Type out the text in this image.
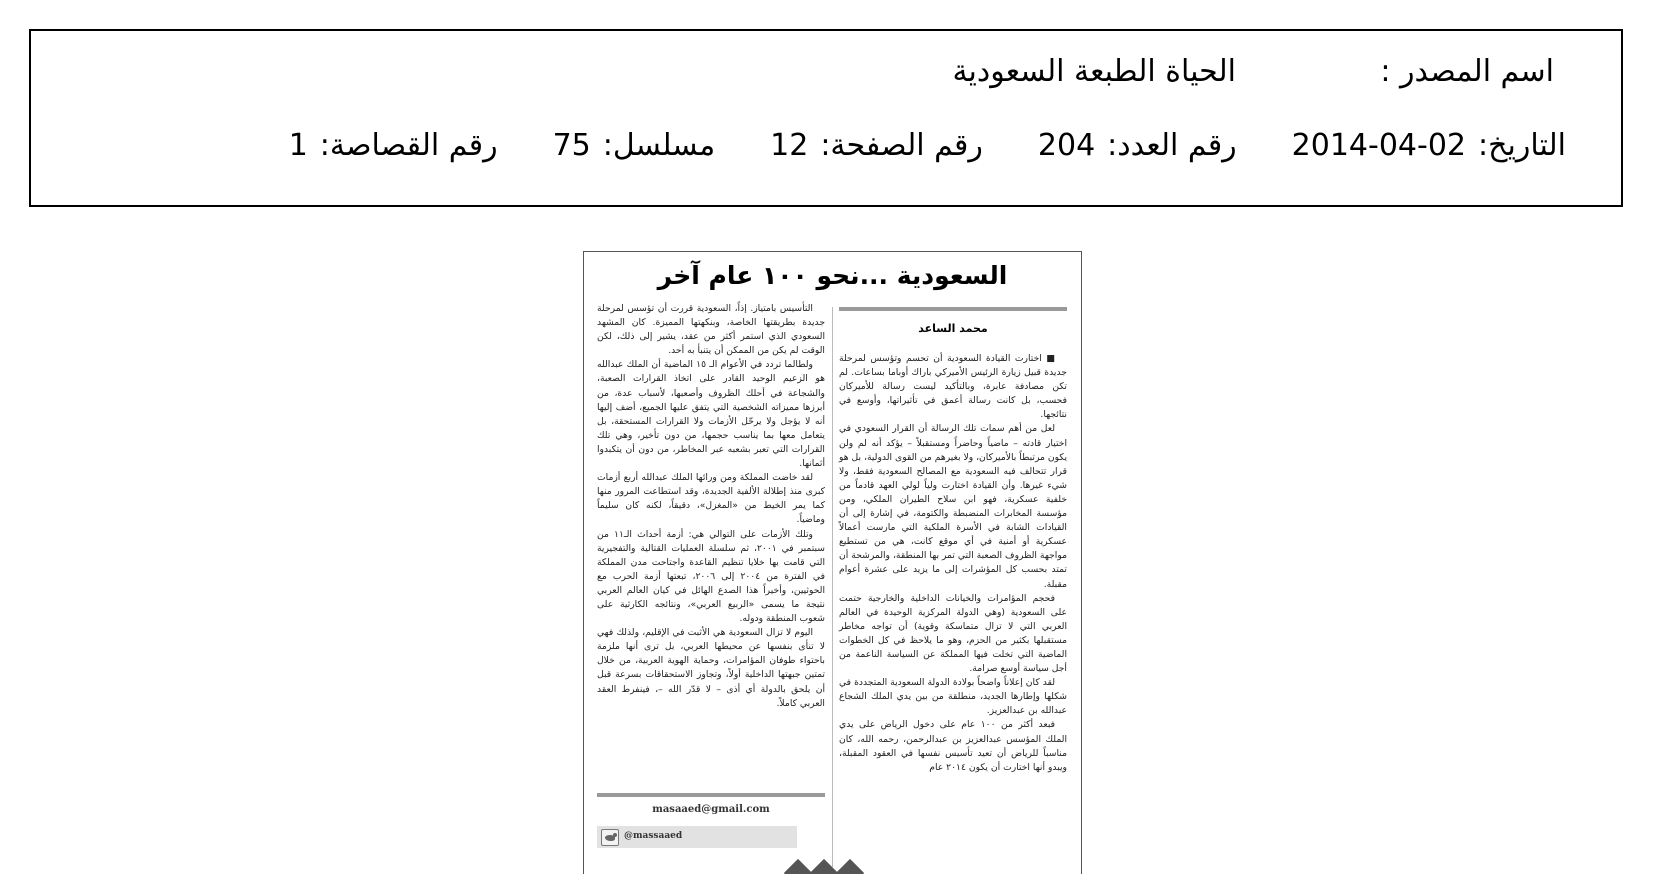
اسم المصدر :
الحياة الطبعة السعودية
التاريخ:
2014-04-02
رقم العدد:
204
رقم الصفحة:
12
مسلسل:
75
رقم القصاصة:
1
السعودية ...نحو ١٠٠ عام آخر
محمد الساعد

■ اختارت القيادة السعودية أن تحسم وتؤسس لمرحلة جديدة قبيل زيارة الرئيس الأميركي باراك أوباما بساعات. لم تكن مصادفة عابرة، وبالتأكيد ليست رسالة للأميركان فحسب، بل كانت رسالة أعمق في تأثيراتها، وأوسع في نتائجها.

لعل من أهم سمات تلك الرسالة أن القرار السعودي في اختيار قادته – ماضياً وحاضراً ومستقبلاً – يؤكد أنه لم ولن يكون مرتبطاً بالأميركان، ولا بغيرهم من القوى الدولية، بل هو قرار تتحالف فيه السعودية مع المصالح السعودية فقط، ولا شيء غيرها. وأن القيادة اختارت ولياً لولي العهد قادماً من خلفية عسكرية، فهو ابن سلاح الطيران الملكي، ومن مؤسسة المخابرات المنضبطة والكتومة، في إشارة إلى أن القيادات الشابة في الأسرة الملكية التي مارست أعمالاً عسكرية أو أمنية في أي موقع كانت، هي من تستطيع مواجهة الظروف الصعبة التي تمر بها المنطقة، والمرشحة أن تمتد بحسب كل المؤشرات إلى ما يزيد على عشرة أعوام مقبلة.

فحجم المؤامرات والخيانات الداخلية والخارجية حتمت على السعودية (وهي الدولة المركزية الوحيدة في العالم العربي التي لا تزال متماسكة وقوية) أن تواجه مخاطر مستقبلها بكثير من الحزم، وهو ما يلاحظ في كل الخطوات الماضية التي تخلت فيها المملكة عن السياسة الناعمة من أجل سياسة أوسع صرامة.

لقد كان إعلاناً واضحاً بولادة الدولة السعودية المتجددة في شكلها وإطارها الجديد، منطلقة من بين يدي الملك الشجاع عبدالله بن عبدالعزيز.

فبعد أكثر من ١٠٠ عام على دخول الرياض على يدي الملك المؤسس عبدالعزيز بن عبدالرحمن، رحمه الله، كان مناسباً للرياض أن تعيد تأسيس نفسها في العقود المقبلة، ويبدو أنها اختارت أن يكون ٢٠١٤ عام

التأسيس بامتياز. إذاً، السعودية قررت أن تؤسس لمرحلة جديدة بطريقتها الخاصة، وبنكهتها المميزة. كان المشهد السعودي الذي استمر أكثر من عقد، يشير إلى ذلك، لكن الوقت لم يكن من الممكن أن يتنبأ به أحد.

ولطالما تردد في الأعوام الـ ١٥ الماضية أن الملك عبدالله هو الزعيم الوحيد القادر على اتخاذ القرارات الصعبة، والشجاعة في أحلك الظروف وأصعبها، لأسباب عدة، من أبرزها مميزاته الشخصية التي يتفق عليها الجميع، أضف إليها أنه لا يؤجل ولا يرحّل الأزمات ولا القرارات المستحقة، بل يتعامل معها بما يناسب حجمها، من دون تأخير، وهي تلك القرارات التي تعبر بشعبه عبر المخاطر، من دون أن يتكبدوا أثمانها.

لقد خاضت المملكة ومن ورائها الملك عبدالله أربع أزمات كبرى منذ إطلالة الألفية الجديدة، وقد استطاعت المرور منها كما يمر الخيط من «المغزل»، دقيقاً، لكنه كان سليماً وماضياً.

وتلك الأزمات على التوالي هي: أزمة أحداث الـ١١ من سبتمبر في ٢٠٠١، ثم سلسلة العمليات القتالية والتفجيرية التي قامت بها خلايا تنظيم القاعدة واجتاحت مدن المملكة في الفترة من ٢٠٠٤ إلى ٢٠٠٦، تبعتها أزمة الحرب مع الحوثيين، وأخيراً هذا الصدع الهائل في كيان العالم العربي نتيجة ما يسمى «الربيع العربي»، ونتائجه الكارثية على شعوب المنطقة ودوله.

اليوم لا تزال السعودية هي الأثبت في الإقليم، ولذلك فهي لا تنأى بنفسها عن محيطها العربي، بل ترى أنها ملزمة باحتواء طوفان المؤامرات، وحماية الهوية العربية، من خلال تمتين جبهتها الداخلية أولاً، وتجاوز الاستحقاقات بسرعة قبل أن يلحق بالدولة أي أذى – لا قدّر الله –، فينفرط العقد العربي كاملاً.

masaaed@gmail.com
@massaaed
